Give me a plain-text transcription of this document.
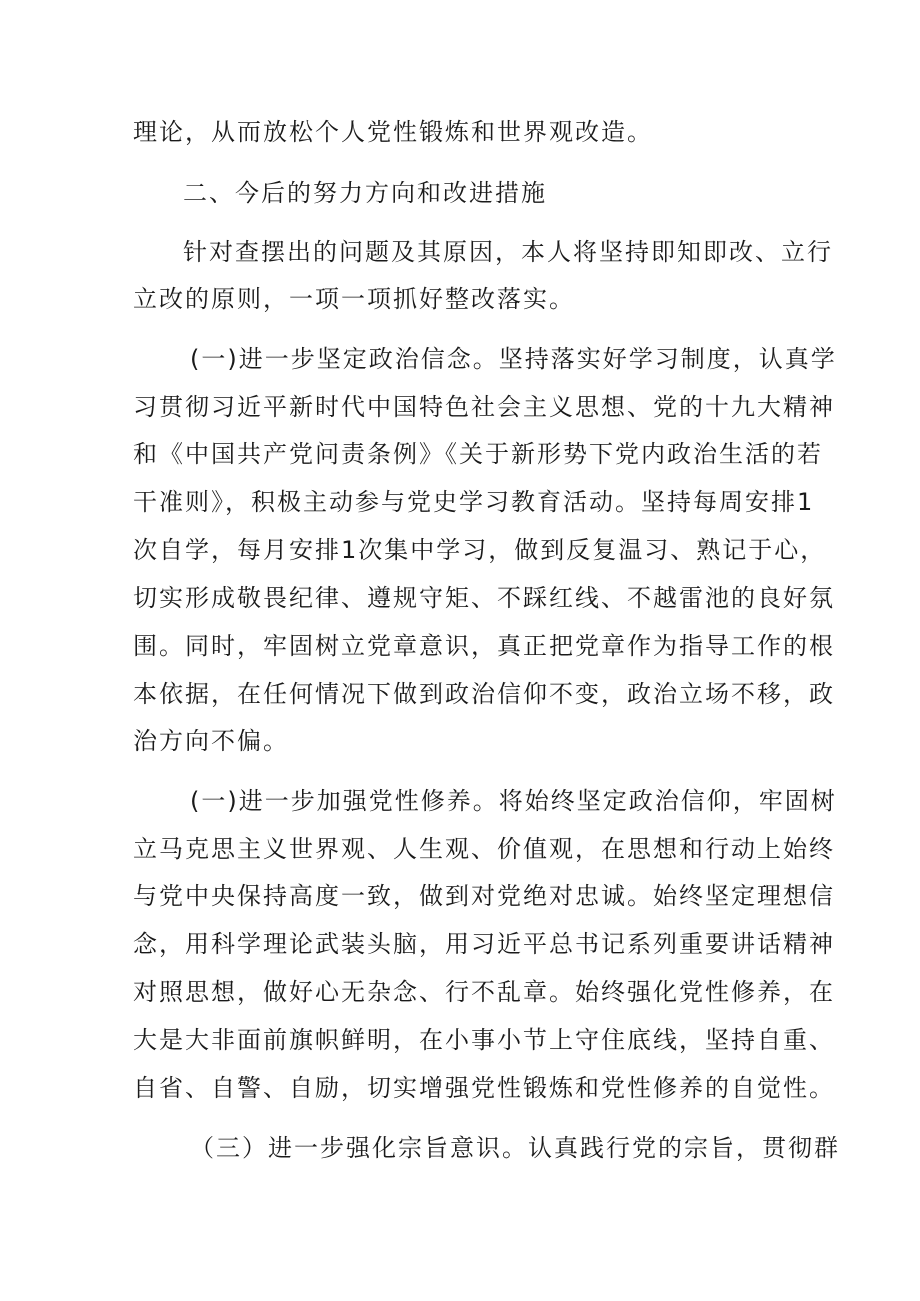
理论，从而放松个人党性锻炼和世界观改造。
二、今后的努力方向和改进措施
针对查摆出的问题及其原因，本人将坚持即知即改、立行
立改的原则，一项一项抓好整改落实。
(一)进一步坚定政治信念。坚持落实好学习制度，认真学
习贯彻习近平新时代中国特色社会主义思想、党的十九大精神
和《中国共产党问责条例》《关于新形势下党内政治生活的若
干准则》，积极主动参与党史学习教育活动。坚持每周安排1
次自学，每月安排1次集中学习，做到反复温习、熟记于心，
切实形成敬畏纪律、遵规守矩、不踩红线、不越雷池的良好氛
围。同时，牢固树立党章意识，真正把党章作为指导工作的根
本依据，在任何情况下做到政治信仰不变，政治立场不移，政
治方向不偏。
(一)进一步加强党性修养。将始终坚定政治信仰，牢固树
立马克思主义世界观、人生观、价值观，在思想和行动上始终
与党中央保持高度一致，做到对党绝对忠诚。始终坚定理想信
念，用科学理论武装头脑，用习近平总书记系列重要讲话精神
对照思想，做好心无杂念、行不乱章。始终强化党性修养，在
大是大非面前旗帜鲜明，在小事小节上守住底线，坚持自重、
自省、自警、自励，切实增强党性锻炼和党性修养的自觉性。
（三）进一步强化宗旨意识。认真践行党的宗旨，贯彻群
